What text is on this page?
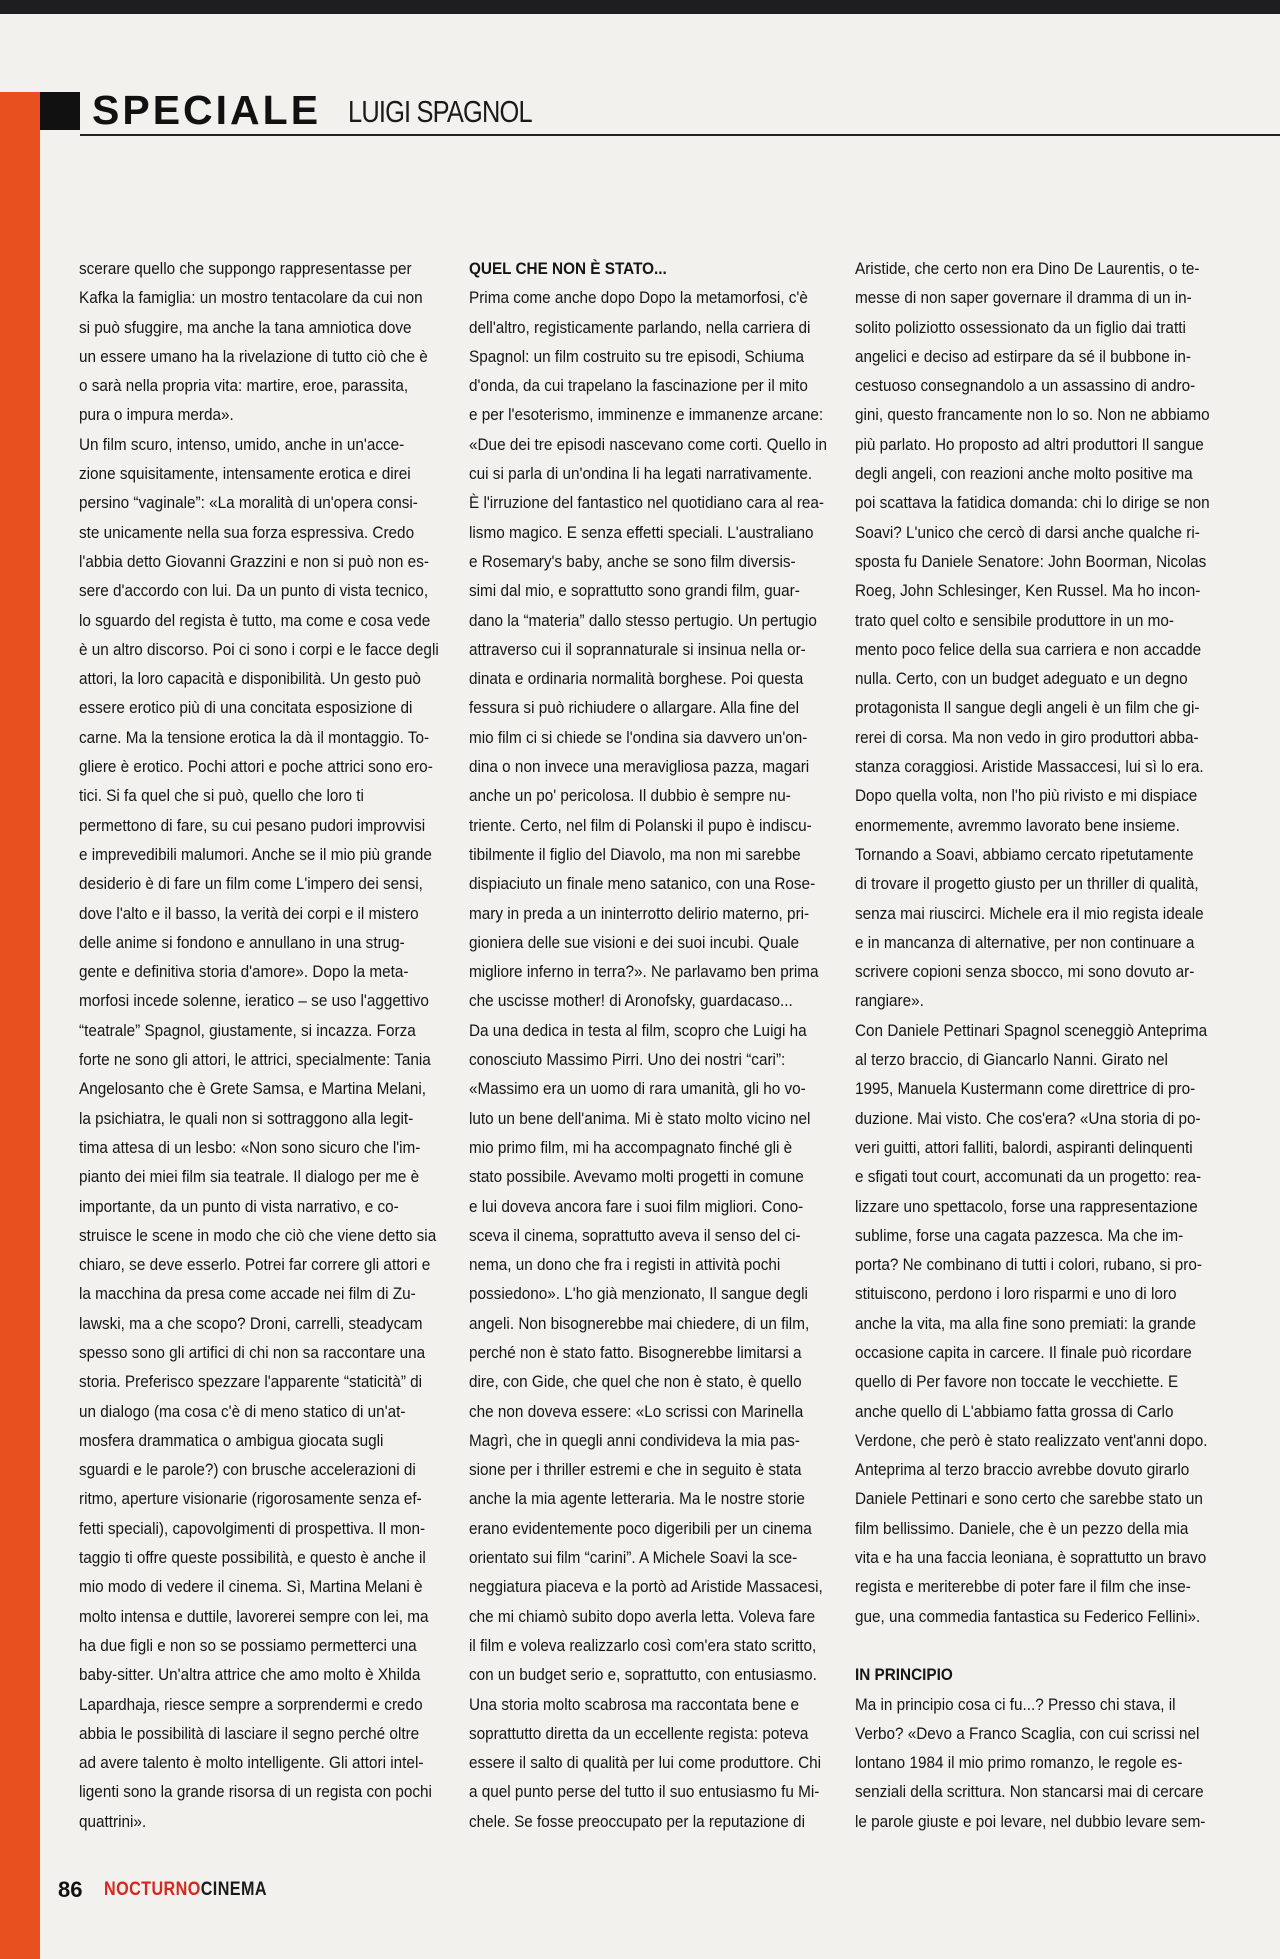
SPECIALE LUIGI SPAGNOL

scerare quello che suppongo rappresentasse per

Kafka la famiglia: un mostro tentacolare da cui non

si può sfuggire, ma anche la tana amniotica dove

un essere umano ha la rivelazione di tutto ciò che è

o sarà nella propria vita: martire, eroe, parassita,

pura o impura merda».

Un film scuro, intenso, umido, anche in un'acce-

zione squisitamente, intensamente erotica e direi

persino “vaginale”: «La moralità di un'opera consi-

ste unicamente nella sua forza espressiva. Credo

l'abbia detto Giovanni Grazzini e non si può non es-

sere d'accordo con lui. Da un punto di vista tecnico,

lo sguardo del regista è tutto, ma come e cosa vede

è un altro discorso. Poi ci sono i corpi e le facce degli

attori, la loro capacità e disponibilità. Un gesto può

essere erotico più di una concitata esposizione di

carne. Ma la tensione erotica la dà il montaggio. To-

gliere è erotico. Pochi attori e poche attrici sono ero-

tici. Si fa quel che si può, quello che loro ti

permettono di fare, su cui pesano pudori improvvisi

e imprevedibili malumori. Anche se il mio più grande

desiderio è di fare un film come L'impero dei sensi,

dove l'alto e il basso, la verità dei corpi e il mistero

delle anime si fondono e annullano in una strug-

gente e definitiva storia d'amore». Dopo la meta-

morfosi incede solenne, ieratico – se uso l'aggettivo

“teatrale” Spagnol, giustamente, si incazza. Forza

forte ne sono gli attori, le attrici, specialmente: Tania

Angelosanto che è Grete Samsa, e Martina Melani,

la psichiatra, le quali non si sottraggono alla legit-

tima attesa di un lesbo: «Non sono sicuro che l'im-

pianto dei miei film sia teatrale. Il dialogo per me è

importante, da un punto di vista narrativo, e co-

struisce le scene in modo che ciò che viene detto sia

chiaro, se deve esserlo. Potrei far correre gli attori e

la macchina da presa come accade nei film di Zu-

lawski, ma a che scopo? Droni, carrelli, steadycam

spesso sono gli artifici di chi non sa raccontare una

storia. Preferisco spezzare l'apparente “staticità” di

un dialogo (ma cosa c'è di meno statico di un'at-

mosfera drammatica o ambigua giocata sugli

sguardi e le parole?) con brusche accelerazioni di

ritmo, aperture visionarie (rigorosamente senza ef-

fetti speciali), capovolgimenti di prospettiva. Il mon-

taggio ti offre queste possibilità, e questo è anche il

mio modo di vedere il cinema. Sì, Martina Melani è

molto intensa e duttile, lavorerei sempre con lei, ma

ha due figli e non so se possiamo permetterci una

baby-sitter. Un'altra attrice che amo molto è Xhilda

Lapardhaja, riesce sempre a sorprendermi e credo

abbia le possibilità di lasciare il segno perché oltre

ad avere talento è molto intelligente. Gli attori intel-

ligenti sono la grande risorsa di un regista con pochi

quattrini».

QUEL CHE NON È STATO...

Prima come anche dopo Dopo la metamorfosi, c'è

dell'altro, registicamente parlando, nella carriera di

Spagnol: un film costruito su tre episodi, Schiuma

d'onda, da cui trapelano la fascinazione per il mito

e per l'esoterismo, imminenze e immanenze arcane:

«Due dei tre episodi nascevano come corti. Quello in

cui si parla di un'ondina li ha legati narrativamente.

È l'irruzione del fantastico nel quotidiano cara al rea-

lismo magico. E senza effetti speciali. L'australiano

e Rosemary's baby, anche se sono film diversis-

simi dal mio, e soprattutto sono grandi film, guar-

dano la “materia” dallo stesso pertugio. Un pertugio

attraverso cui il soprannaturale si insinua nella or-

dinata e ordinaria normalità borghese. Poi questa

fessura si può richiudere o allargare. Alla fine del

mio film ci si chiede se l'ondina sia davvero un'on-

dina o non invece una meravigliosa pazza, magari

anche un po' pericolosa. Il dubbio è sempre nu-

triente. Certo, nel film di Polanski il pupo è indiscu-

tibilmente il figlio del Diavolo, ma non mi sarebbe

dispiaciuto un finale meno satanico, con una Rose-

mary in preda a un ininterrotto delirio materno, pri-

gioniera delle sue visioni e dei suoi incubi. Quale

migliore inferno in terra?». Ne parlavamo ben prima

che uscisse mother! di Aronofsky, guardacaso...

Da una dedica in testa al film, scopro che Luigi ha

conosciuto Massimo Pirri. Uno dei nostri “cari”:

«Massimo era un uomo di rara umanità, gli ho vo-

luto un bene dell'anima. Mi è stato molto vicino nel

mio primo film, mi ha accompagnato finché gli è

stato possibile. Avevamo molti progetti in comune

e lui doveva ancora fare i suoi film migliori. Cono-

sceva il cinema, soprattutto aveva il senso del ci-

nema, un dono che fra i registi in attività pochi

possiedono». L'ho già menzionato, Il sangue degli

angeli. Non bisognerebbe mai chiedere, di un film,

perché non è stato fatto. Bisognerebbe limitarsi a

dire, con Gide, che quel che non è stato, è quello

che non doveva essere: «Lo scrissi con Marinella

Magrì, che in quegli anni condivideva la mia pas-

sione per i thriller estremi e che in seguito è stata

anche la mia agente letteraria. Ma le nostre storie

erano evidentemente poco digeribili per un cinema

orientato sui film “carini”. A Michele Soavi la sce-

neggiatura piaceva e la portò ad Aristide Massacesi,

che mi chiamò subito dopo averla letta. Voleva fare

il film e voleva realizzarlo così com'era stato scritto,

con un budget serio e, soprattutto, con entusiasmo.

Una storia molto scabrosa ma raccontata bene e

soprattutto diretta da un eccellente regista: poteva

essere il salto di qualità per lui come produttore. Chi

a quel punto perse del tutto il suo entusiasmo fu Mi-

chele. Se fosse preoccupato per la reputazione di

Aristide, che certo non era Dino De Laurentis, o te-

messe di non saper governare il dramma di un in-

solito poliziotto ossessionato da un figlio dai tratti

angelici e deciso ad estirpare da sé il bubbone in-

cestuoso consegnandolo a un assassino di andro-

gini, questo francamente non lo so. Non ne abbiamo

più parlato. Ho proposto ad altri produttori Il sangue

degli angeli, con reazioni anche molto positive ma

poi scattava la fatidica domanda: chi lo dirige se non

Soavi? L'unico che cercò di darsi anche qualche ri-

sposta fu Daniele Senatore: John Boorman, Nicolas

Roeg, John Schlesinger, Ken Russel. Ma ho incon-

trato quel colto e sensibile produttore in un mo-

mento poco felice della sua carriera e non accadde

nulla. Certo, con un budget adeguato e un degno

protagonista Il sangue degli angeli è un film che gi-

rerei di corsa. Ma non vedo in giro produttori abba-

stanza coraggiosi. Aristide Massaccesi, lui sì lo era.

Dopo quella volta, non l'ho più rivisto e mi dispiace

enormemente, avremmo lavorato bene insieme.

Tornando a Soavi, abbiamo cercato ripetutamente

di trovare il progetto giusto per un thriller di qualità,

senza mai riuscirci. Michele era il mio regista ideale

e in mancanza di alternative, per non continuare a

scrivere copioni senza sbocco, mi sono dovuto ar-

rangiare».

Con Daniele Pettinari Spagnol sceneggiò Anteprima

al terzo braccio, di Giancarlo Nanni. Girato nel

1995, Manuela Kustermann come direttrice di pro-

duzione. Mai visto. Che cos'era? «Una storia di po-

veri guitti, attori falliti, balordi, aspiranti delinquenti

e sfigati tout court, accomunati da un progetto: rea-

lizzare uno spettacolo, forse una rappresentazione

sublime, forse una cagata pazzesca. Ma che im-

porta? Ne combinano di tutti i colori, rubano, si pro-

stituiscono, perdono i loro risparmi e uno di loro

anche la vita, ma alla fine sono premiati: la grande

occasione capita in carcere. Il finale può ricordare

quello di Per favore non toccate le vecchiette. E

anche quello di L'abbiamo fatta grossa di Carlo

Verdone, che però è stato realizzato vent'anni dopo.

Anteprima al terzo braccio avrebbe dovuto girarlo

Daniele Pettinari e sono certo che sarebbe stato un

film bellissimo. Daniele, che è un pezzo della mia

vita e ha una faccia leoniana, è soprattutto un bravo

regista e meriterebbe di poter fare il film che inse-

gue, una commedia fantastica su Federico Fellini».

IN PRINCIPIO

Ma in principio cosa ci fu...? Presso chi stava, il

Verbo? «Devo a Franco Scaglia, con cui scrissi nel

lontano 1984 il mio primo romanzo, le regole es-

senziali della scrittura. Non stancarsi mai di cercare

le parole giuste e poi levare, nel dubbio levare sem-

86 NOCTURNOCINEMA
